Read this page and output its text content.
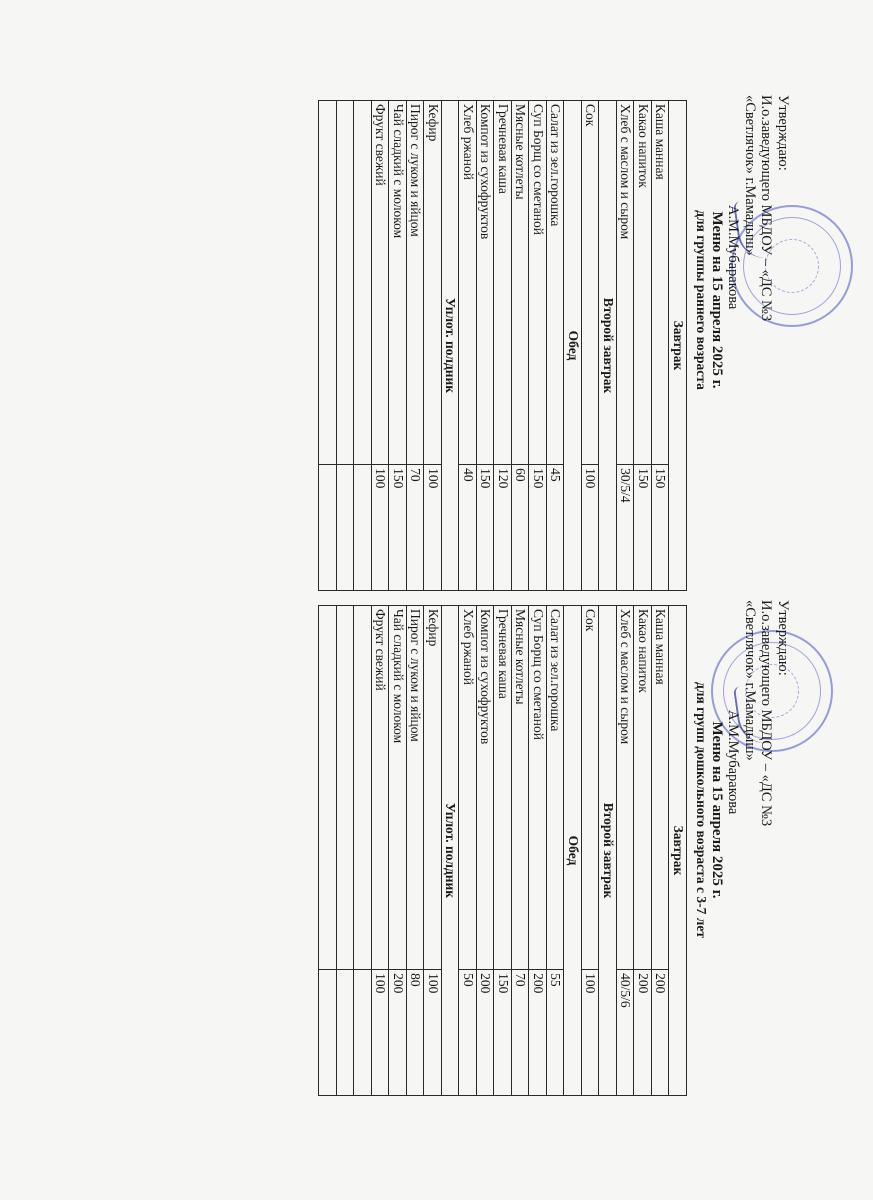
Утверждаю:
И.о.заведующего МБДОУ – «ДС №3
«Светлячок» г.Мамадыш»
А.М.Мубаракова
Меню на 15 апреля 2025 г.
для группы раннего возраста
Завтрак	
Каша манная	150
Какао напиток	150
Хлеб с маслом и сыром	30/5/4
Второй завтрак	
Сок	100
Обед	
Салат из зел.горошка	45
Суп Борщ со сметаной	150
Мясные котлеты	60
Гречневая каша	120
Компот из сухофруктов	150
Хлеб ржаной	40
Уплот. полдник	
Кефир	100
Пирог с луком и яйцом	70
Чай сладкий с молоком	150
Фрукт свежий	100

Утверждаю:
И.о.заведующего МБДОУ – «ДС №3
«Светлячок» г.Мамадыш»
А.М.Мубаракова
Меню на 15 апреля 2025 г.
для групп дошкольного возраста с 3-7 лет
Завтрак	
Каша манная	200
Какао напиток	200
Хлеб с маслом и сыром	40/5/6
Второй завтрак	
Сок	100
Обед	
Салат из зел.горошка	55
Суп Борщ со сметаной	200
Мясные котлеты	70
Гречневая каша	150
Компот из сухофруктов	200
Хлеб ржаной	50
Уплот. полдник	
Кефир	100
Пирог с луком и яйцом	80
Чай сладкий с молоком	200
Фрукт свежий	100
